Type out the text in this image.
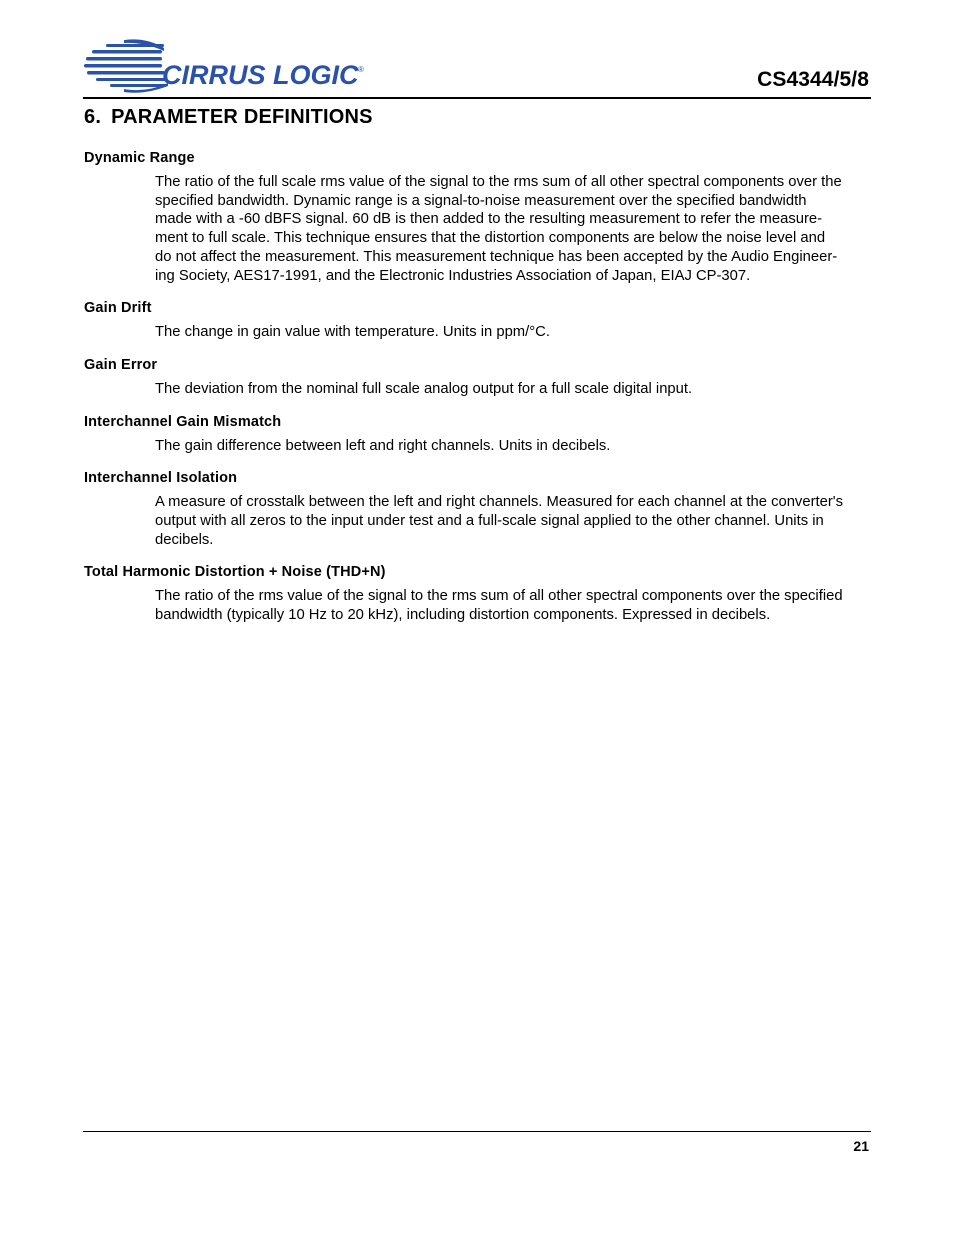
CIRRUS LOGIC ®	CS4344/5/8
6. PARAMETER DEFINITIONS
Dynamic Range
The ratio of the full scale rms value of the signal to the rms sum of all other spectral components over the
specified bandwidth. Dynamic range is a signal-to-noise measurement over the specified bandwidth
made with a -60 dBFS signal. 60 dB is then added to the resulting measurement to refer the measure-
ment to full scale. This technique ensures that the distortion components are below the noise level and
do not affect the measurement. This measurement technique has been accepted by the Audio Engineer-
ing Society, AES17-1991, and the Electronic Industries Association of Japan, EIAJ CP-307.
Gain Drift
The change in gain value with temperature. Units in ppm/°C.
Gain Error
The deviation from the nominal full scale analog output for a full scale digital input.
Interchannel Gain Mismatch
The gain difference between left and right channels. Units in decibels.
Interchannel Isolation
A measure of crosstalk between the left and right channels. Measured for each channel at the converter's
output with all zeros to the input under test and a full-scale signal applied to the other channel. Units in
decibels.
Total Harmonic Distortion + Noise (THD+N)
The ratio of the rms value of the signal to the rms sum of all other spectral components over the specified
bandwidth (typically 10 Hz to 20 kHz), including distortion components. Expressed in decibels.
21
